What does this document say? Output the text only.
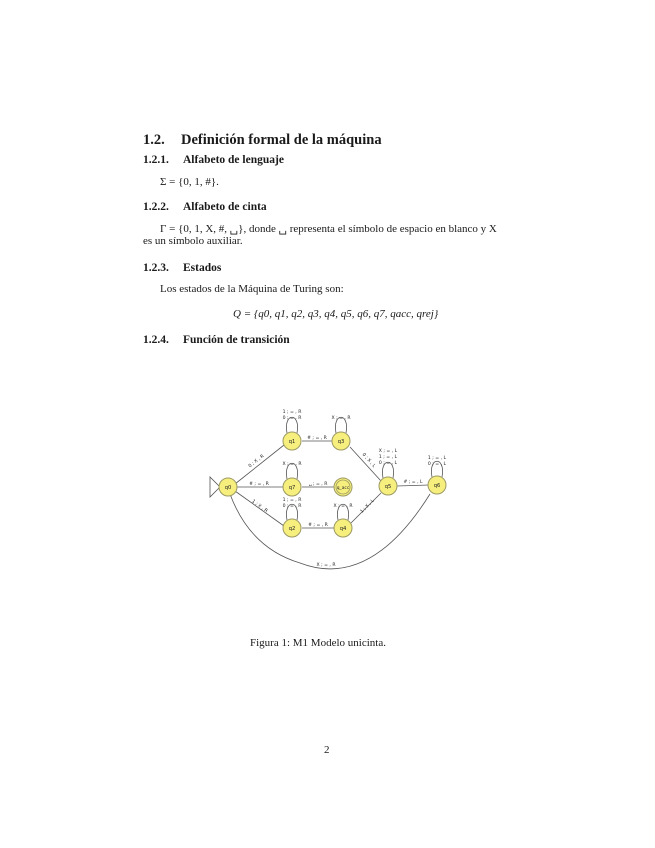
1.2. Definición formal de la máquina
1.2.1. Alfabeto de lenguaje
Σ = {0, 1, #}.
1.2.2. Alfabeto de cinta
Γ = {0, 1, X, #, ␣}, donde ␣ representa el símbolo de espacio en blanco y X
es un símbolo auxiliar.
1.2.3. Estados
Los estados de la Máquina de Turing son:
Q = {q0, q1, q2, q3, q4, q5, q6, q7, qacc, qrej}
1.2.4. Función de transición
q0
q1	q3
q7	q_acc
q2	q4
q5	q6
1 ; = , R
0 ; = , R	X ; = , R
X ; = , R
1 ; = , R
0 ; = , R	X ; = , R
X ; = , L
1 ; = , L
0 ; = , L
1 ; = , L
0 ; = , L
0 ; X , R
# ; = , R
1 ; X , R
# ; = , R
␣ ; = , R
# ; = , R
0 ; X , L
1 ; X , L
# ; = , L
X ; = , R
Figura 1: M1 Modelo unicinta.
2
